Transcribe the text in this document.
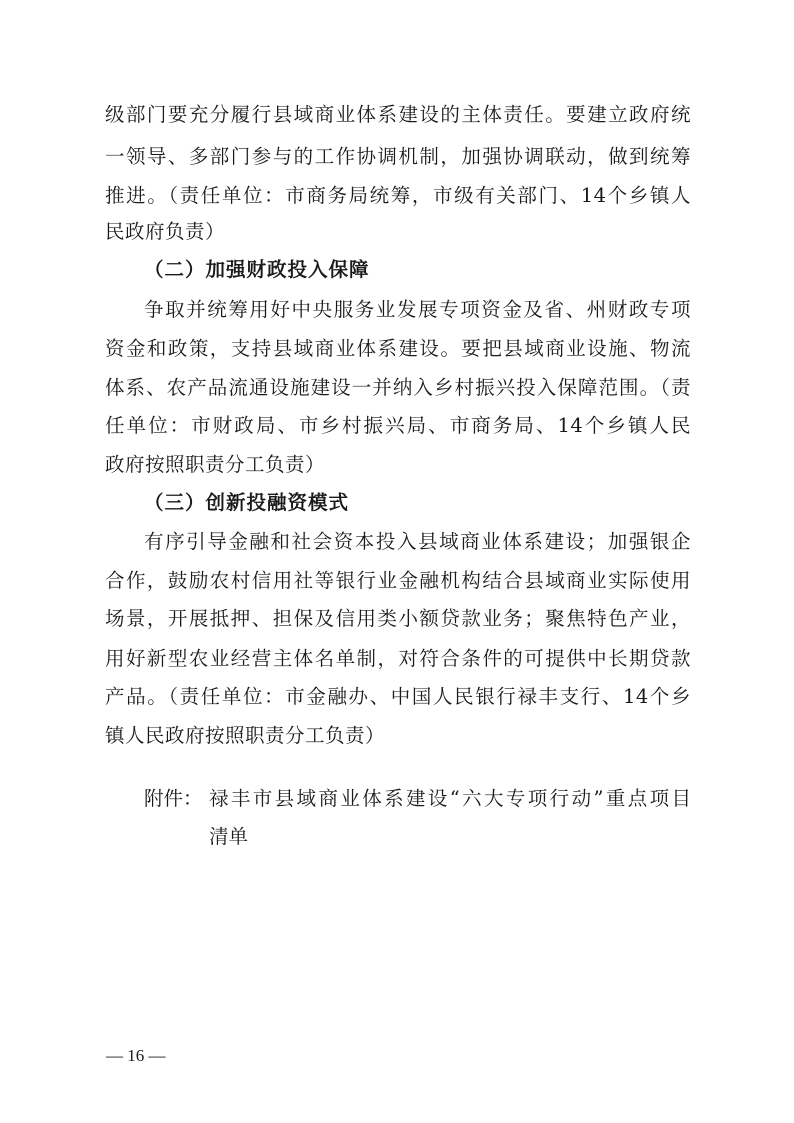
级部门要充分履行县域商业体系建设的主体责任。要建立政府统
一领导、多部门参与的工作协调机制，加强协调联动，做到统筹
推进。（责任单位：市商务局统筹，市级有关部门、14个乡镇人
民政府负责）
（二）加强财政投入保障
争取并统筹用好中央服务业发展专项资金及省、州财政专项
资金和政策，支持县域商业体系建设。要把县域商业设施、物流
体系、农产品流通设施建设一并纳入乡村振兴投入保障范围。（责
任单位：市财政局、市乡村振兴局、市商务局、14个乡镇人民
政府按照职责分工负责）
（三）创新投融资模式
有序引导金融和社会资本投入县域商业体系建设；加强银企
合作，鼓励农村信用社等银行业金融机构结合县域商业实际使用
场景，开展抵押、担保及信用类小额贷款业务；聚焦特色产业，
用好新型农业经营主体名单制，对符合条件的可提供中长期贷款
产品。（责任单位：市金融办、中国人民银行禄丰支行、14个乡
镇人民政府按照职责分工负责）
附件： 禄丰市县域商业体系建设“六大专项行动”重点项目
清单
— 16 —
